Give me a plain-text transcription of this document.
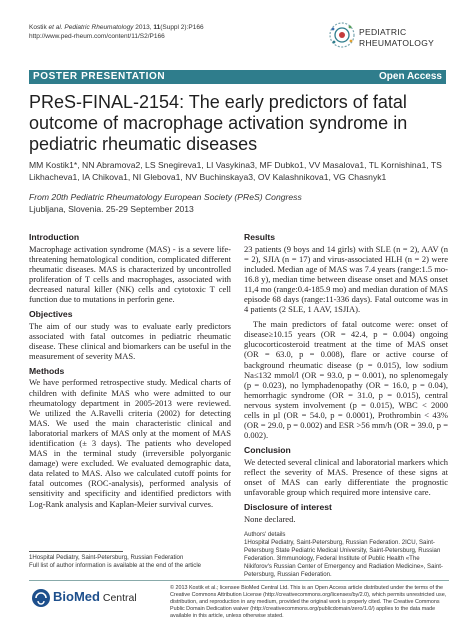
Kostik et al. Pediatric Rheumatology 2013, 11(Suppl 2):P166
http://www.ped-rheum.com/content/11/S2/P166	PEDIATRIC
RHEUMATOLOGY
POSTER PRESENTATION	Open Access
PReS-FINAL-2154: The early predictors of fatal outcome of macrophage activation syndrome in pediatric rheumatic diseases
MM Kostik1*, NN Abramova2, LS Snegireva1, LI Vasykina3, MF Dubko1, VV Masalova1, TL Kornishina1, TS Likhacheva1, IA Chikova1, NI Glebova1, NV Buchinskaya3, OV Kalashnikova1, VG Chasnyk1
From 20th Pediatric Rheumatology European Society (PReS) Congress
Ljubljana, Slovenia. 25-29 September 2013
Introduction

Macrophage activation syndrome (MAS) - is a severe life-threatening hematological condition, complicated different rheumatic diseases. MAS is characterized by uncontrolled proliferation of T cells and macrophages, associated with decreased natural killer (NK) cells and cytotoxic T cell function due to mutations in perforin gene.

Objectives

The aim of our study was to evaluate early predictors associated with fatal outcomes in pediatric rheumatic disease. These clinical and biomarkers can be useful in the measurement of severity MAS.

Methods

We have performed retrospective study. Medical charts of children with definite MAS who were admitted to our rheumatology department in 2005-2013 were reviewed. We utilized the A.Ravelli criteria (2002) for detecting MAS. We used the main characteristic clinical and laboratorial markers of MAS only at the moment of MAS identification (± 3 days). The patients who developed MAS in the terminal study (irreversible polyorganic damage) were excluded. We evaluated demographic data, data related to MAS. Also we calculated cutoff points for fatal outcomes (ROC-analysis), performed analysis of sensitivity and specificity and identified predictors with Log-Rank analysis and Kaplan-Meier survival curves.

Results

23 patients (9 boys and 14 girls) with SLE (n = 2), AAV (n = 2), SJIA (n = 17) and virus-associated HLH (n = 2) were included. Median age of MAS was 7.4 years (range:1.5 mo-16.8 y), median time between disease onset and MAS onset 11,4 mo (range:0.4-185.9 mo) and median duration of MAS episode 68 days (range:11-336 days). Fatal outcome was in 4 patients (2 SLE, 1 AAV, 1SJIA).

The main predictors of fatal outcome were: onset of disease≥10.15 years (OR = 42.4, p = 0.004) ongoing glucocorticosteroid treatment at the time of MAS onset (OR = 63.0, p = 0.008), flare or active course of background rheumatic disease (p = 0.015), low sodium Na≤132 mmol/l (OR = 93.0, p = 0.001), no splenomegaly (p = 0.023), no lymphadenopathy (OR = 16.0, p = 0.04), hemorrhagic syndrome (OR = 31.0, p = 0.015), central nervous system involvement (p = 0.015), WBC < 2000 cells in µl (OR = 54.0, p = 0.0001), Prothrombin < 43% (OR = 29.0, p = 0.002) and ESR >56 mm/h (OR = 39.0, p = 0.002).

Conclusion

We detected several clinical and laboratorial markers which reflect the severity of MAS. Presence of these signs at onset of MAS can early differentiate the prognostic unfavorable group which required more intensive care.

Disclosure of interest

None declared.

Authors' details
1Hospital Pediatry, Saint-Petersburg, Russian Federation. 2ICU, Saint-Petersburg State Pediatric Medical University, Saint-Petersburg, Russian Federation. 3Immunology, Federal Institute of Public Health «The Nikiforov's Russian Center of Emergency and Radiation Medicine», Saint-Petersburg, Russian Federation.
1Hospital Pediatry, Saint-Petersburg, Russian Federation
Full list of author information is available at the end of the article
BioMed Central
© 2013 Kostik et al.; licensee BioMed Central Ltd. This is an Open Access article distributed under the terms of the Creative Commons Attribution License (http://creativecommons.org/licenses/by/2.0), which permits unrestricted use, distribution, and reproduction in any medium, provided the original work is properly cited. The Creative Commons Public Domain Dedication waiver (http://creativecommons.org/publicdomain/zero/1.0/) applies to the data made available in this article, unless otherwise stated.
